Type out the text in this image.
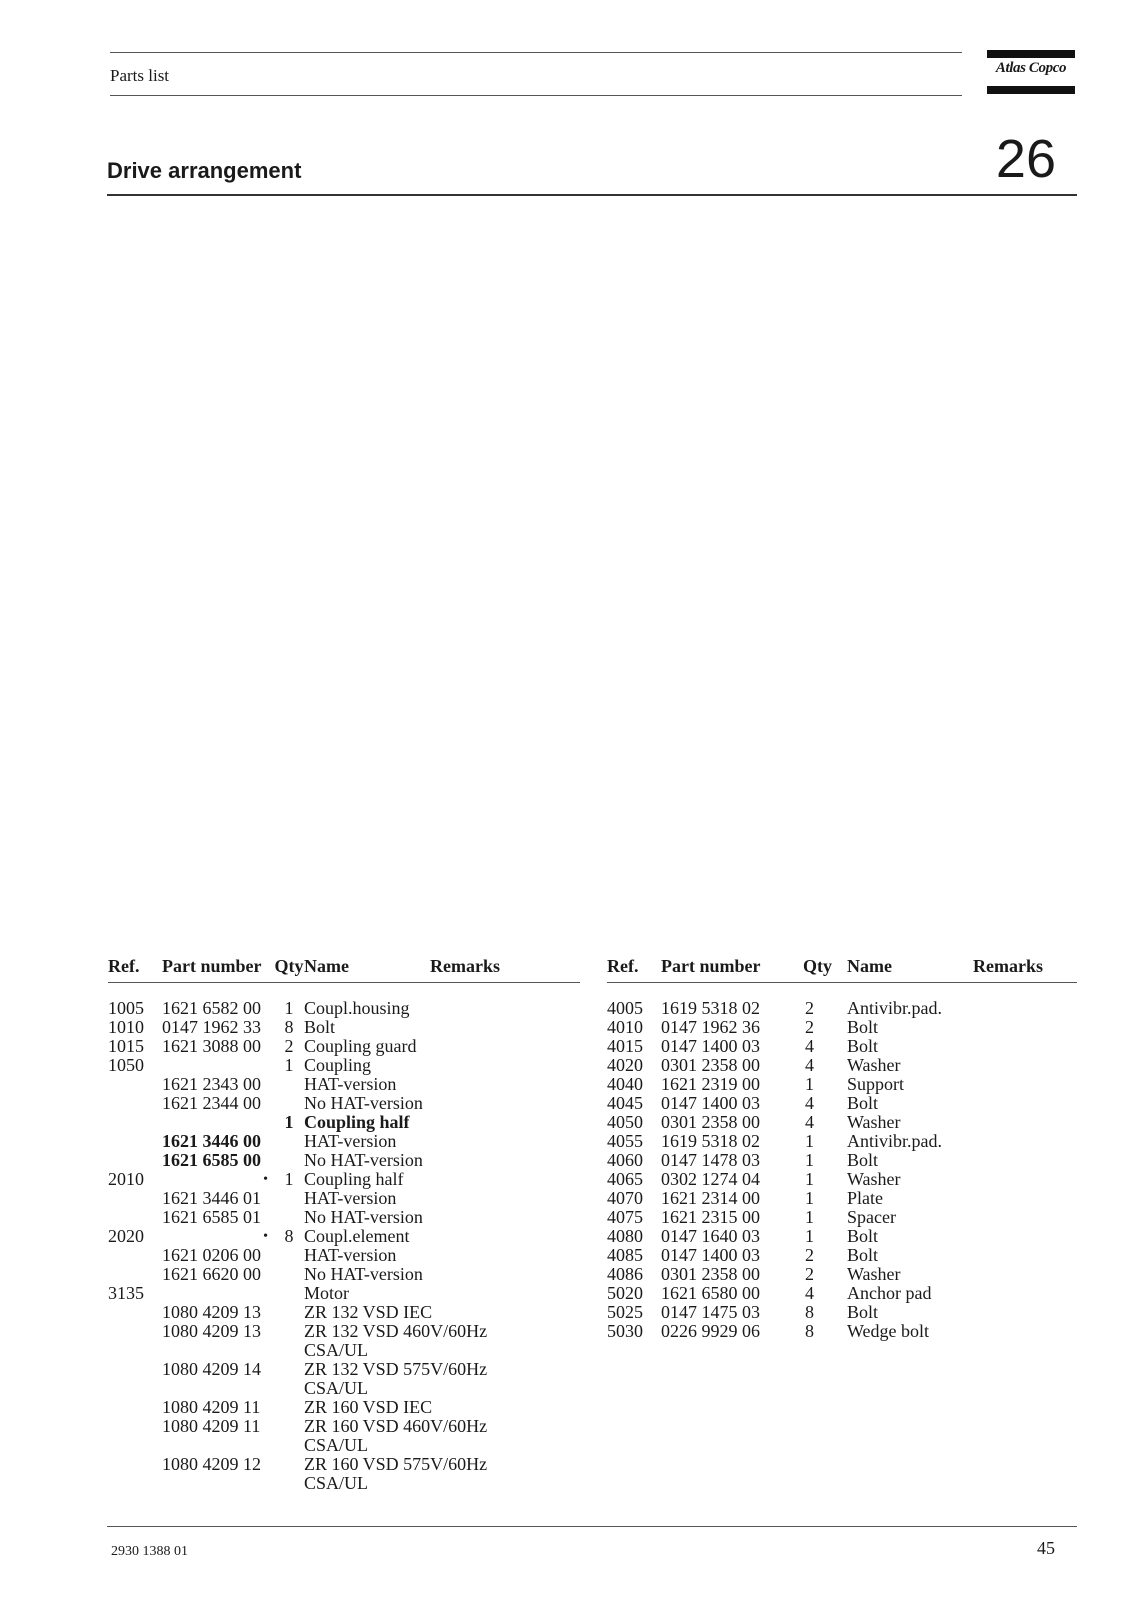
Parts list	Atlas Copco
Drive arrangement	26
Ref.	Part number	Qty	Name	Remarks

1005	1621 6582 00	1	Coupl.housing	
1010	0147 1962 33	8	Bolt	
1015	1621 3088 00	2	Coupling guard	
1050		1	Coupling	
	1621 2343 00		HAT-version	
	1621 2344 00		No HAT-version	
		1	Coupling half	
	1621 3446 00		HAT-version	
	1621 6585 00		No HAT-version	
2010	•	1	Coupling half	
	1621 3446 01		HAT-version	
	1621 6585 01		No HAT-version	
2020	•	8	Coupl.element	
	1621 0206 00		HAT-version	
	1621 6620 00		No HAT-version	
3135			Motor	
	1080 4209 13		ZR 132 VSD IEC	
	1080 4209 13		ZR 132 VSD 460V/60Hz	
			CSA/UL	
	1080 4209 14		ZR 132 VSD 575V/60Hz	
			CSA/UL	
	1080 4209 11		ZR 160 VSD IEC	
	1080 4209 11		ZR 160 VSD 460V/60Hz	
			CSA/UL	
	1080 4209 12		ZR 160 VSD 575V/60Hz	
			CSA/UL	
Ref.	Part number	Qty	Name	Remarks

4005	1619 5318 02	2	Antivibr.pad.	
4010	0147 1962 36	2	Bolt	
4015	0147 1400 03	4	Bolt	
4020	0301 2358 00	4	Washer	
4040	1621 2319 00	1	Support	
4045	0147 1400 03	4	Bolt	
4050	0301 2358 00	4	Washer	
4055	1619 5318 02	1	Antivibr.pad.	
4060	0147 1478 03	1	Bolt	
4065	0302 1274 04	1	Washer	
4070	1621 2314 00	1	Plate	
4075	1621 2315 00	1	Spacer	
4080	0147 1640 03	1	Bolt	
4085	0147 1400 03	2	Bolt	
4086	0301 2358 00	2	Washer	
5020	1621 6580 00	4	Anchor pad	
5025	0147 1475 03	8	Bolt	
5030	0226 9929 06	8	Wedge bolt	
2930 1388 01	45
